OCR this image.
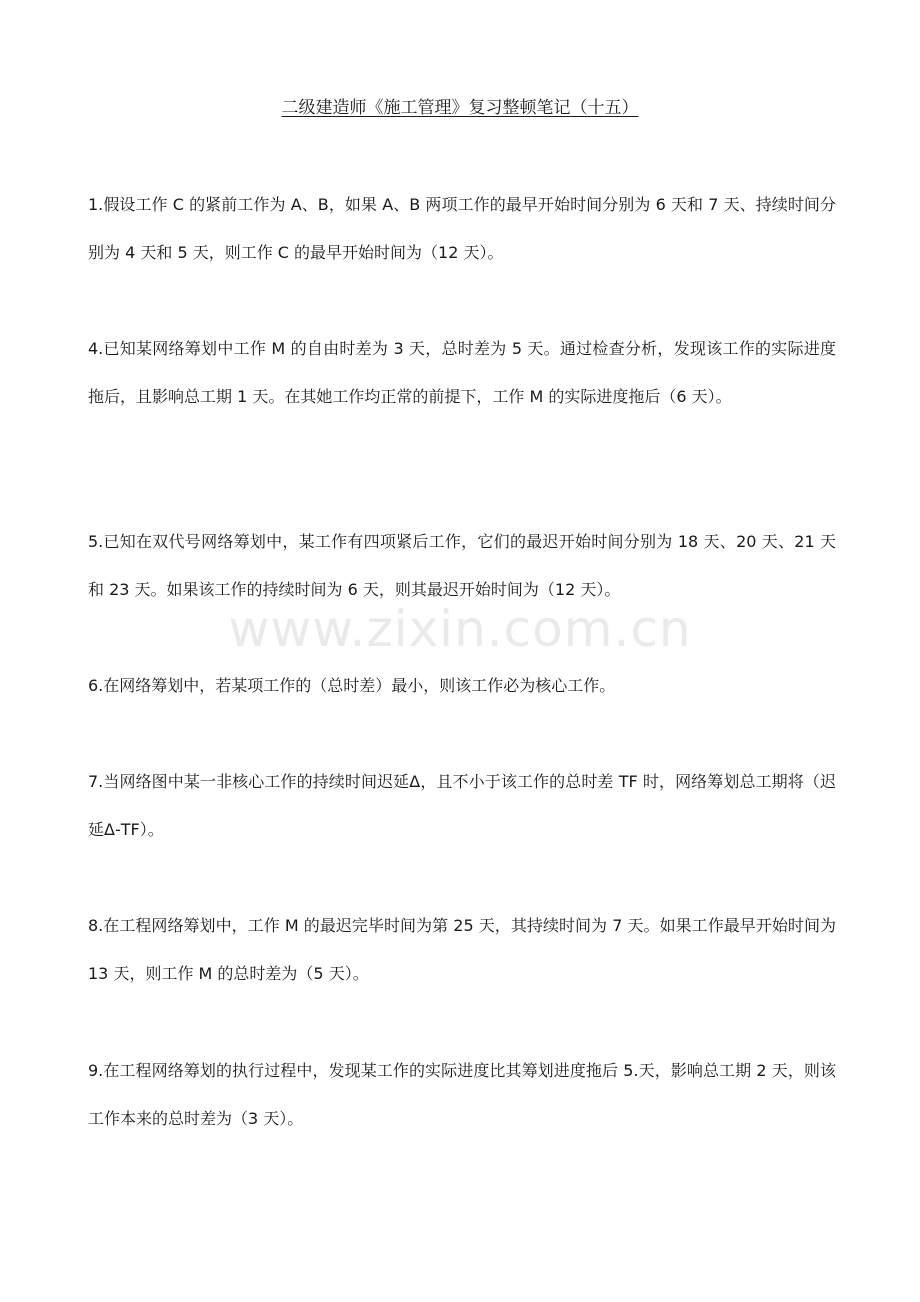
二级建造师《施工管理》复习整顿笔记（十五）

1.假设工作 C 的紧前工作为 A、B，如果 A、B 两项工作的最早开始时间分别为 6 天和 7 天、持续时间分别为 4 天和 5 天，则工作 C 的最早开始时间为（12 天）。

4.已知某网络筹划中工作 M 的自由时差为 3 天，总时差为 5 天。通过检查分析，发现该工作的实际进度拖后，且影响总工期 1 天。在其她工作均正常的前提下，工作 M 的实际进度拖后（6 天）。

5.已知在双代号网络筹划中，某工作有四项紧后工作，它们的最迟开始时间分别为 18 天、20 天、21 天和 23 天。如果该工作的持续时间为 6 天，则其最迟开始时间为（12 天）。

www.zixin.com.cn

6.在网络筹划中，若某项工作的（总时差）最小，则该工作必为核心工作。

7.当网络图中某一非核心工作的持续时间迟延Δ，且不小于该工作的总时差 TF 时，网络筹划总工期将（迟延Δ-TF）。

8.在工程网络筹划中，工作 M 的最迟完毕时间为第 25 天，其持续时间为 7 天。如果工作最早开始时间为 13 天，则工作 M 的总时差为（5 天）。

9.在工程网络筹划的执行过程中，发现某工作的实际进度比其筹划进度拖后 5.天，影响总工期 2 天，则该工作本来的总时差为（3 天）。
